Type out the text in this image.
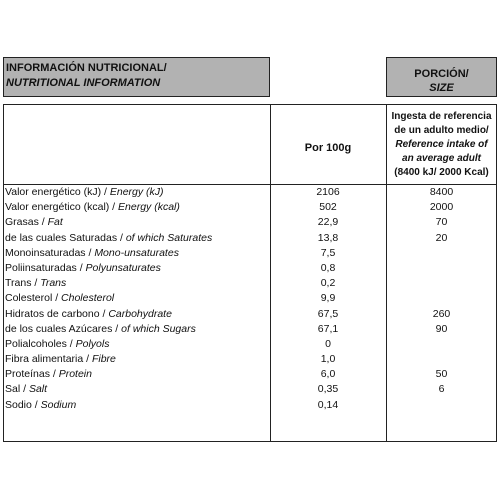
INFORMACIÓN NUTRICIONAL/
NUTRITIONAL INFORMATION
PORCIÓN/
SIZE
Por 100g
Ingesta de referencia
de un adulto medio/
Reference intake of
an average adult
(8400 kJ/ 2000 Kcal)
Valor energético (kJ) / Energy (kJ)	2106	8400
Valor energético (kcal) / Energy (kcal)	502	2000
Grasas / Fat	22,9	70
de las cuales Saturadas / of which Saturates	13,8	20
Monoinsaturadas / Mono-unsaturates	7,5
Poliinsaturadas / Polyunsaturates	0,8
Trans / Trans	0,2
Colesterol / Cholesterol	9,9
Hidratos de carbono / Carbohydrate	67,5	260
de los cuales Azúcares / of which Sugars	67,1	90
Polialcoholes / Polyols	0
Fibra alimentaria / Fibre	1,0
Proteínas / Protein	6,0	50
Sal / Salt	0,35	6
Sodio / Sodium	0,14
